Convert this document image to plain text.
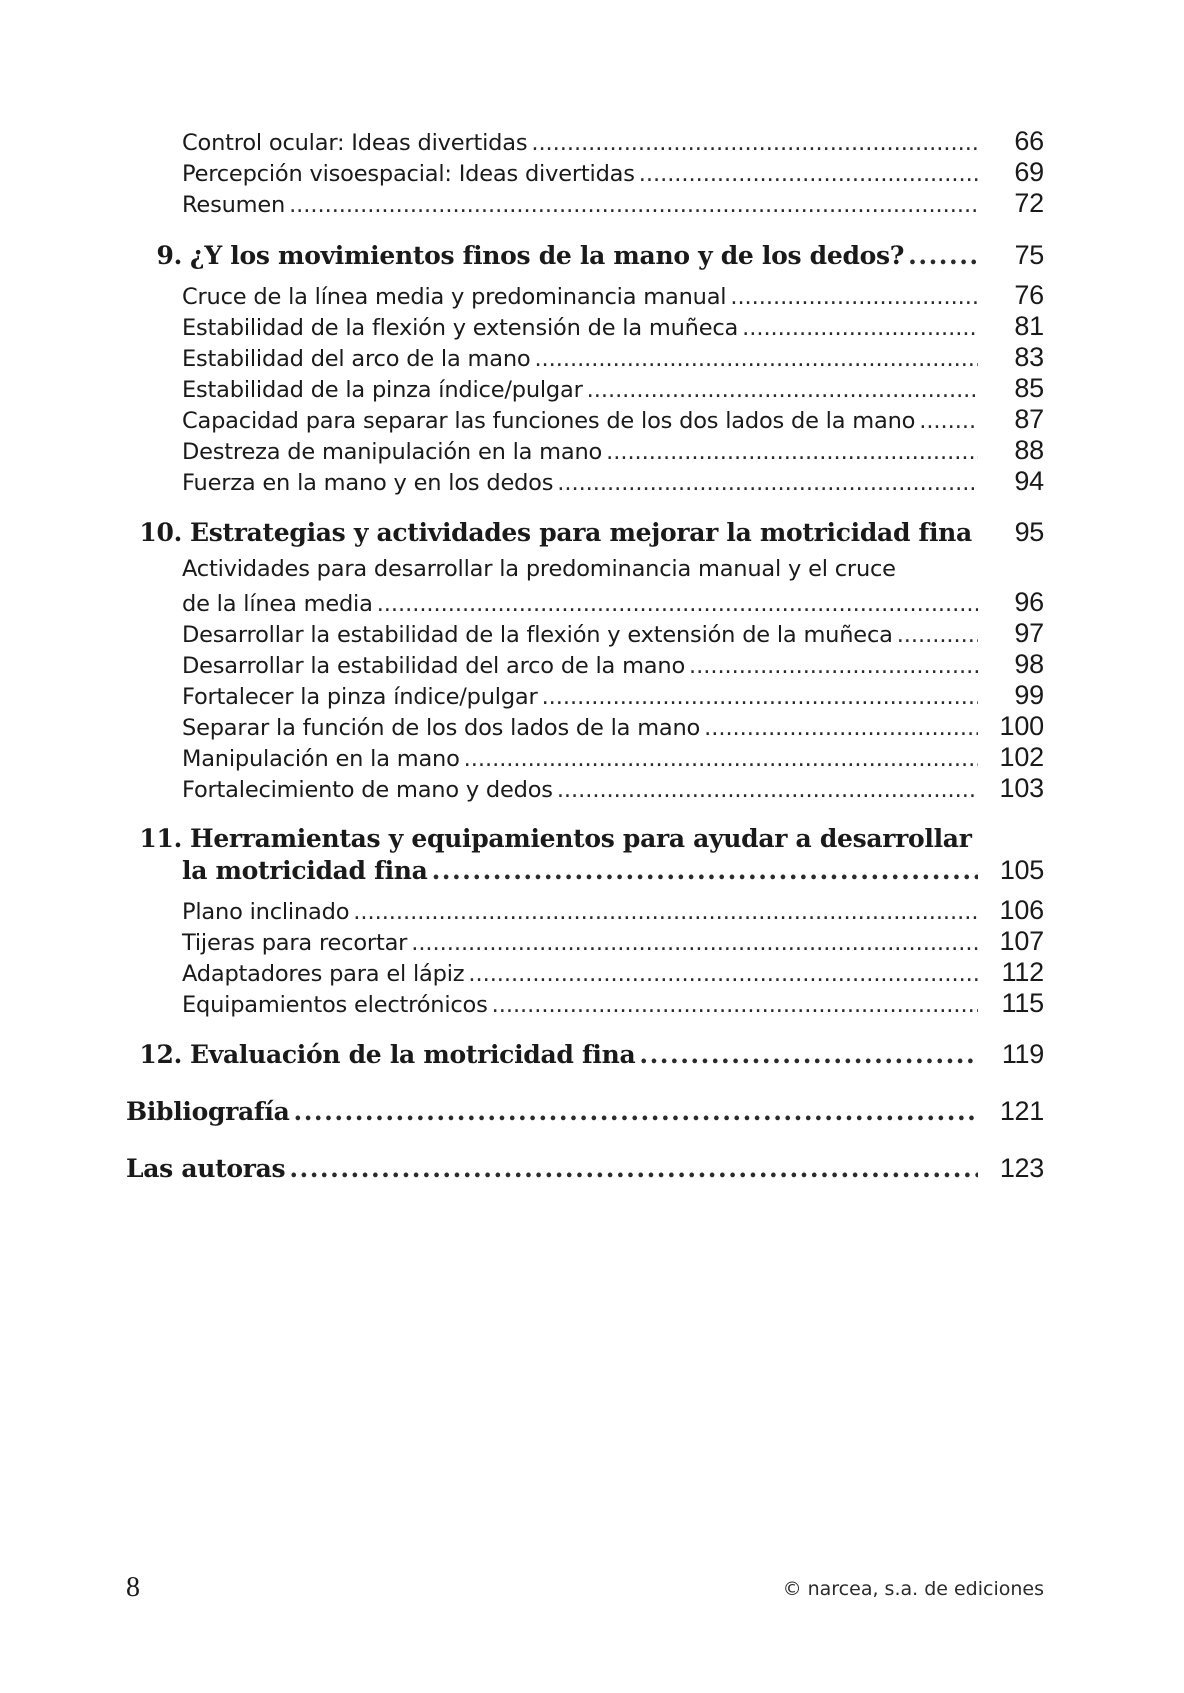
Control ocular: Ideas divertidas . . .	66
Percepción visoespacial: Ideas divertidas . . .	69
Resumen . . .	72
9. ¿Y los movimientos finos de la mano y de los dedos? . . .	75
Cruce de la línea media y predominancia manual . . .	76
Estabilidad de la flexión y extensión de la muñeca . . .	81
Estabilidad del arco de la mano . . .	83
Estabilidad de la pinza índice/pulgar . . .	85
Capacidad para separar las funciones de los dos lados de la mano . . .	87
Destreza de manipulación en la mano . . .	88
Fuerza en la mano y en los dedos . . .	94
10. Estrategias y actividades para mejorar la motricidad fina . . .	95
Actividades para desarrollar la predominancia manual y el cruce
de la línea media . . .	96
Desarrollar la estabilidad de la flexión y extensión de la muñeca . . .	97
Desarrollar la estabilidad del arco de la mano . . .	98
Fortalecer la pinza índice/pulgar . . .	99
Separar la función de los dos lados de la mano . . .	100
Manipulación en la mano . . .	102
Fortalecimiento de mano y dedos . . .	103
11. Herramientas y equipamientos para ayudar a desarrollar
la motricidad fina . . .	105
Plano inclinado . . .	106
Tijeras para recortar . . .	107
Adaptadores para el lápiz . . .	112
Equipamientos electrónicos . . .	115
12. Evaluación de la motricidad fina . . .	119
Bibliografía . . .	121
Las autoras . . .	123
8	© narcea, s.a. de ediciones
